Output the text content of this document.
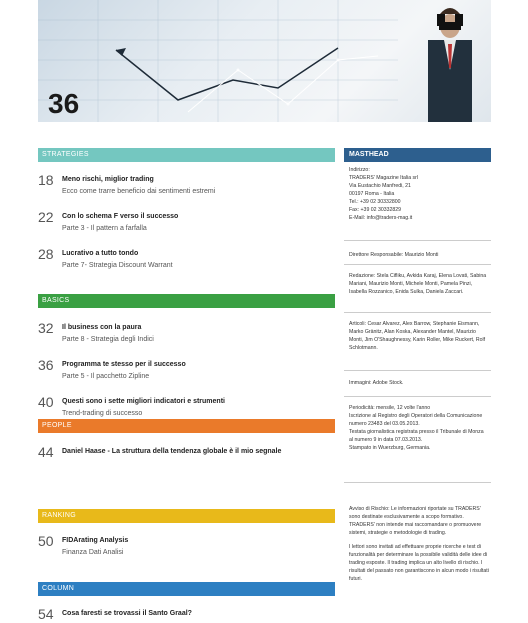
36
STRATEGIES
18 Meno rischi, miglior trading
Ecco come trarre beneficio dai sentimenti estremi
22 Con lo schema F verso il successo
Parte 3 - Il pattern a farfalla
28 Lucrativo a tutto tondo
Parte 7- Strategia Discount Warrant
BASICS
32 Il business con la paura
Parte 8 - Strategia degli Indici
36 Programma te stesso per il successo
Parte 5 - Il pacchetto Zipline
40 Questi sono i sette migliori indicatori e strumenti
Trend-trading di successo
PEOPLE
44 Daniel Haase - La struttura della tendenza globale è il mio segnale
RANKING
50 FIDArating Analysis
Finanza Dati Analisi
COLUMN
54 Cosa faresti se trovassi il Santo Graal?
MASTHEAD

Indirizzo:

TRADERS' Magazine Italia srl

Via Eustachio Manfredi, 21

00197 Roma - Italia

Tel.: +39 02 30332800

Fax: +39 02 30332829

E-Mail: info@traders-mag.it

Direttore Responsabile: Maurizio Monti
Redazione: Stela Cifliku, Avkida Karaj, Elena Lovati, Sabina Mariani, Maurizio Monti, Michele Monti, Pamela Pinzi, Isabella Rozzanico, Enida Sulka, Daniela Zaccari.
Articoli: Cesar Alvarez, Alex Barrow, Stephanie Eismann, Marko Gränitz, Alan Koska, Alexander Mantel, Maurizio Monti, Jim O'Shaughnessy, Karin Roller, Mike Ruckert, Rolf Schlotmann.
Immagini: Adobe Stock.

Periodicità: mensile, 12 volte l'anno

Iscrizione al Registro degli Operatori della Comunicazione numero 23483 del 03.05.2013.

Testata giornalistica registrata presso il Tribunale di Monza al numero 9 in data 07.03.2013.

Stampato in Wuerzburg, Germania.

Avviso di Rischio: Le informazioni riportate su TRADERS' sono destinate esclusivamente a scopo formativo. TRADERS' non intende mai raccomandare o promuovere sistemi, strategie o metodologie di trading.

I lettori sono invitati ad effettuare proprie ricerche e test di funzionalità per determinare la possibile validità delle idee di trading esposte. Il trading implica un alto livello di rischio. I risultati del passato non garantiscono in alcun modo i risultati futuri.
